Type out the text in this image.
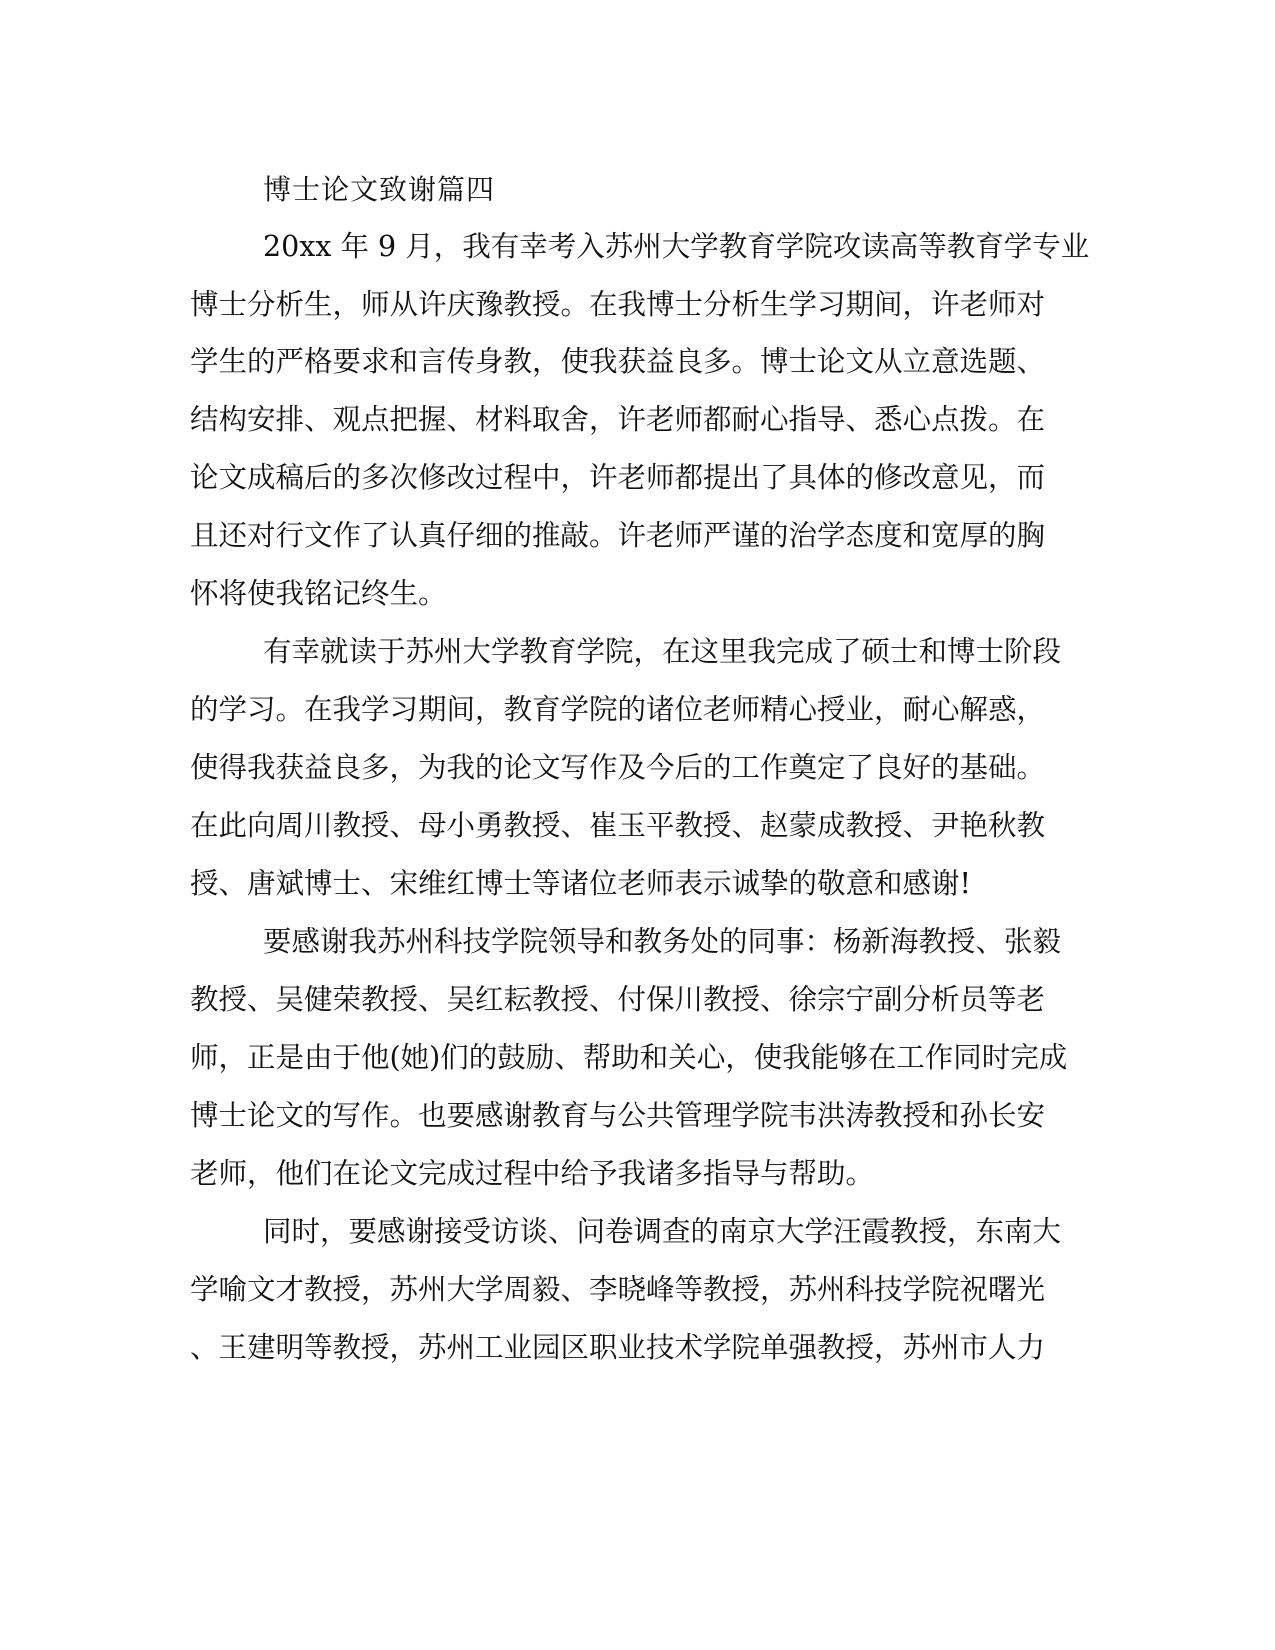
博士论文致谢篇四
20xx 年 9 月，我有幸考入苏州大学教育学院攻读高等教育学专业
博士分析生，师从许庆豫教授。在我博士分析生学习期间，许老师对
学生的严格要求和言传身教，使我获益良多。博士论文从立意选题、
结构安排、观点把握、材料取舍，许老师都耐心指导、悉心点拨。在
论文成稿后的多次修改过程中，许老师都提出了具体的修改意见，而
且还对行文作了认真仔细的推敲。许老师严谨的治学态度和宽厚的胸
怀将使我铭记终生。
有幸就读于苏州大学教育学院，在这里我完成了硕士和博士阶段
的学习。在我学习期间，教育学院的诸位老师精心授业，耐心解惑，
使得我获益良多，为我的论文写作及今后的工作奠定了良好的基础。
在此向周川教授、母小勇教授、崔玉平教授、赵蒙成教授、尹艳秋教
授、唐斌博士、宋维红博士等诸位老师表示诚挚的敬意和感谢!
要感谢我苏州科技学院领导和教务处的同事：杨新海教授、张毅
教授、吴健荣教授、吴红耘教授、付保川教授、徐宗宁副分析员等老
师，正是由于他(她)们的鼓励、帮助和关心，使我能够在工作同时完成
博士论文的写作。也要感谢教育与公共管理学院韦洪涛教授和孙长安
老师，他们在论文完成过程中给予我诸多指导与帮助。
同时，要感谢接受访谈、问卷调查的南京大学汪霞教授，东南大
学喻文才教授，苏州大学周毅、李晓峰等教授，苏州科技学院祝曙光
、王建明等教授，苏州工业园区职业技术学院单强教授，苏州市人力
